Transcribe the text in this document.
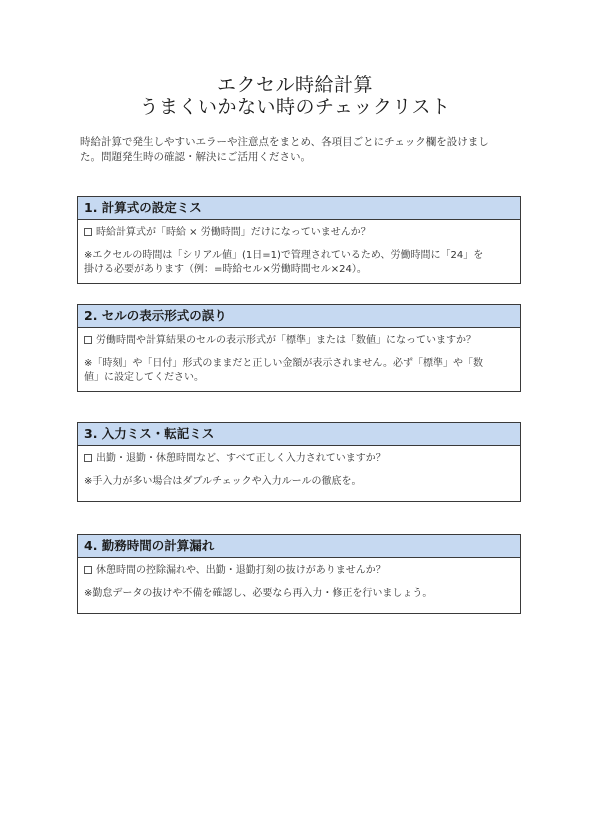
エクセル時給計算
うまくいかない時のチェックリスト
時給計算で発生しやすいエラーや注意点をまとめ、各項目ごとにチェック欄を設けまし
た。問題発生時の確認・解決にご活用ください。
1. 計算式の設定ミス
時給計算式が「時給 × 労働時間」だけになっていませんか？
※エクセルの時間は「シリアル値」(1日=1)で管理されているため、労働時間に「24」を
掛ける必要があります（例：=時給セル×労働時間セル×24）。
2. セルの表示形式の誤り
労働時間や計算結果のセルの表示形式が「標準」または「数値」になっていますか？
※「時刻」や「日付」形式のままだと正しい金額が表示されません。必ず「標準」や「数
値」に設定してください。
3. 入力ミス・転記ミス
出勤・退勤・休憩時間など、すべて正しく入力されていますか？
※手入力が多い場合はダブルチェックや入力ルールの徹底を。
4. 勤務時間の計算漏れ
休憩時間の控除漏れや、出勤・退勤打刻の抜けがありませんか？
※勤怠データの抜けや不備を確認し、必要なら再入力・修正を行いましょう。
